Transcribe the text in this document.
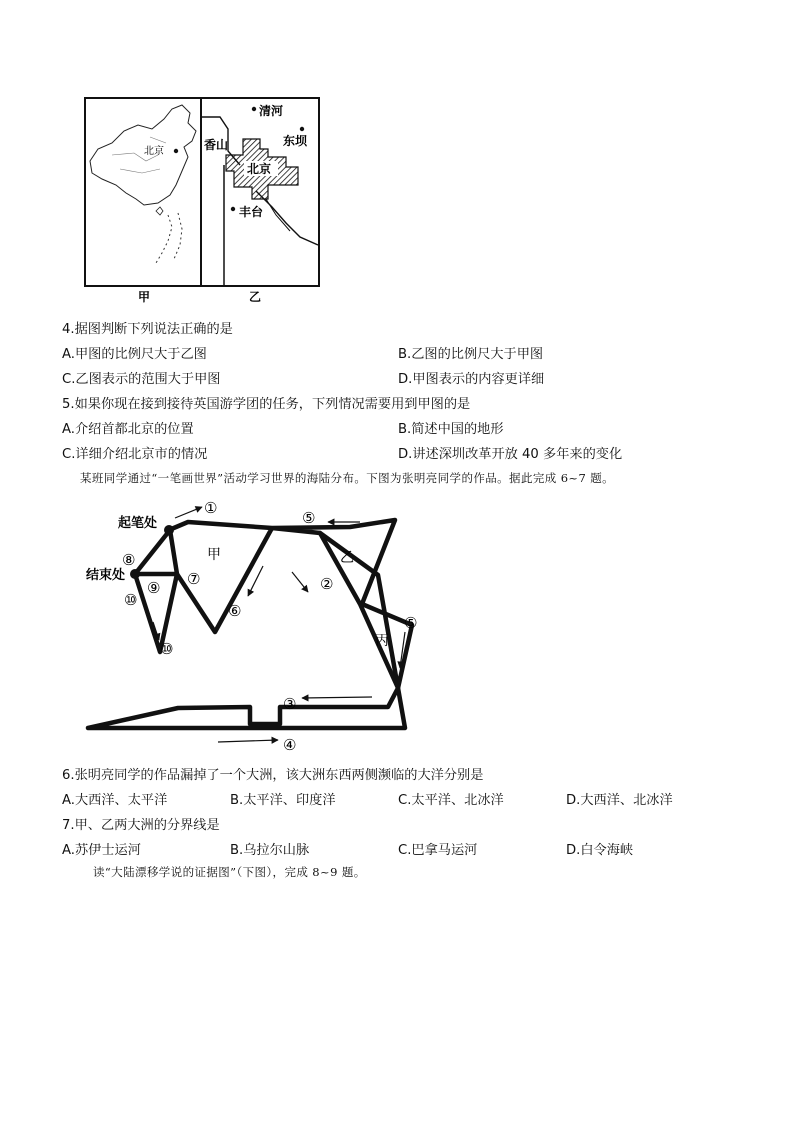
北京
北京
清河
香山	东坝
丰台
甲	乙
4.据图判断下列说法正确的是
A.甲图的比例尺大于乙图	B.乙图的比例尺大于甲图
C.乙图表示的范围大于甲图	D.甲图表示的内容更详细
5.如果你现在接到接待英国游学团的任务，下列情况需要用到甲图的是
A.介绍首都北京的位置	B.简述中国的地形
C.详细介绍北京市的情况	D.讲述深圳改革开放 40 多年来的变化
某班同学通过“一笔画世界”活动学习世界的海陆分布。下图为张明亮同学的作品。据此完成 6~7 题。
起笔处
结束处
甲	乙
丙
①
②
③
④
⑤
⑤
⑥
⑦
⑧
⑨
⑩
⑩
6.张明亮同学的作品漏掉了一个大洲，该大洲东西两侧濒临的大洋分别是
A.大西洋、太平洋	B.太平洋、印度洋	C.太平洋、北冰洋	D.大西洋、北冰洋
7.甲、乙两大洲的分界线是
A.苏伊士运河	B.乌拉尔山脉	C.巴拿马运河	D.白令海峡
读“大陆漂移学说的证据图”（下图），完成 8~9 题。
